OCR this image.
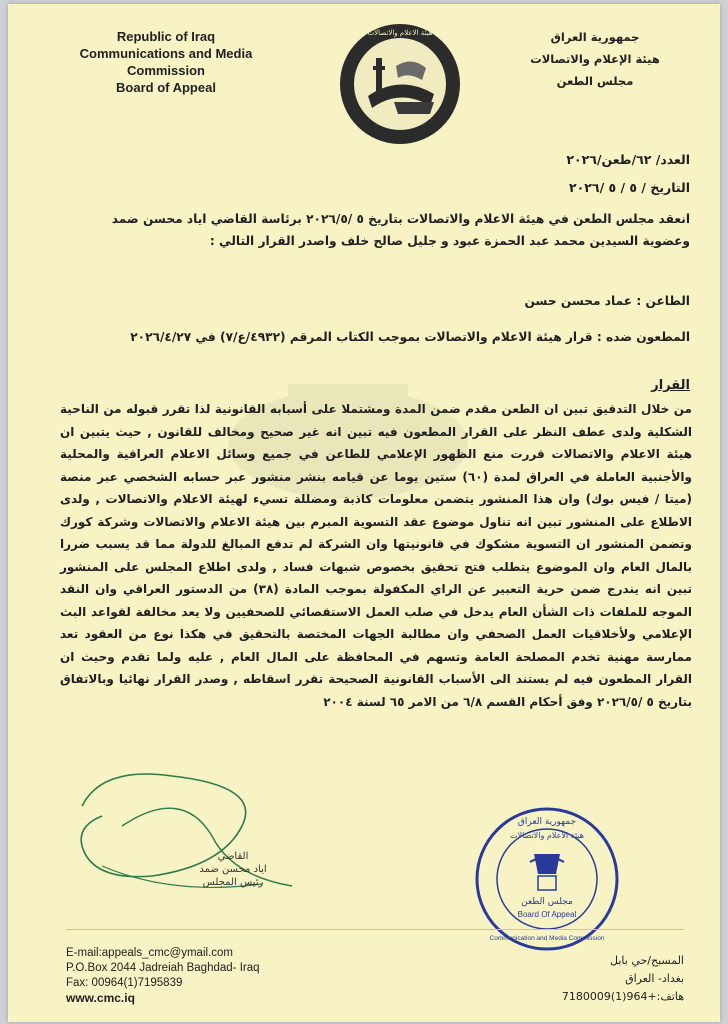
Republic of Iraq
Communications and Media
Commission
Board of Appeal
هيئة الاعلام والاتصالات	جمهورية العراق
هيئة الإعلام والاتصالات
مجلس الطعن
العدد/ ٦٢/طعن/٢٠٢٦
التاريخ / ٥ / ٥ /٢٠٢٦
انعقد مجلس الطعن في هيئة الاعلام والاتصالات بتاريخ ٥ /٢٠٢٦/٥ برئاسة القاضي اياد محسن ضمد وعضوية السيدين محمد عبد الحمزة عبود و جليل صالح خلف واصدر القرار التالي :
الطاعن : عماد محسن حسن
المطعون ضده : قرار هيئة الاعلام والاتصالات بموجب الكتاب المرقم (٤٩٣٢/ع/٧) في ٢٠٢٦/٤/٢٧
القرار
من خلال التدقيق تبين ان الطعن مقدم ضمن المدة ومشتملا على أسبابه القانونية لذا تقرر قبوله من الناحية الشكلية ولدى عطف النظر على القرار المطعون فيه تبين انه غير صحيح ومخالف للقانون , حيث يتبين ان هيئة الاعلام والاتصالات قررت منع الظهور الإعلامي للطاعن في جميع وسائل الاعلام العراقية والمحلية والأجنبية العاملة في العراق لمدة (٦٠) ستين يوما عن قيامه بنشر منشور عبر حسابه الشخصي عبر منصة (ميتا / فيس بوك) وان هذا المنشور يتضمن معلومات كاذبة ومضللة تسيء لهيئة الاعلام والاتصالات , ولدى الاطلاع على المنشور تبين انه تناول موضوع عقد التسوية المبرم بين هيئة الاعلام والاتصالات وشركة كورك وتضمن المنشور ان التسوية مشكوك في قانونيتها وان الشركة لم تدفع المبالغ للدولة مما قد يسبب ضررا بالمال العام وان الموضوع يتطلب فتح تحقيق بخصوص شبهات فساد , ولدى اطلاع المجلس على المنشور تبين انه يندرج ضمن حرية التعبير عن الراي المكفولة بموجب المادة (٣٨) من الدستور العراقي وان النقد الموجه للملفات ذات الشأن العام يدخل في صلب العمل الاستقصائي للصحفيين ولا يعد مخالفة لقواعد البث الإعلامي ولأخلاقيات العمل الصحفي وان مطالبة الجهات المختصة بالتحقيق في هكذا نوع من العقود تعد ممارسة مهنية تخدم المصلحة العامة وتسهم في المحافظة على المال العام , عليه ولما تقدم وحيث ان القرار المطعون فيه لم يستند الى الأسباب القانونية الصحيحة تقرر اسقاطه , وصدر القرار نهائيا وبالاتفاق بتاريخ ٥ /٢٠٢٦/٥ وفق أحكام القسم ٦/٨ من الامر ٦٥ لسنة ٢٠٠٤
القاضي
اياد محسن ضمد
رئيس المجلس
جمهورية العراق
هيئة الاعلام والاتصالات
مجلس الطعن
Board Of Appeal
Communication and Media Commission
E-mail:appeals_cmc@ymail.com
P.O.Box 2044 Jadreiah Baghdad- Iraq
Fax: 00964(1)7195839
www.cmc.iq
المسبح/حي بابل
بغداد- العراق
هاتف:+964(1)7180009
